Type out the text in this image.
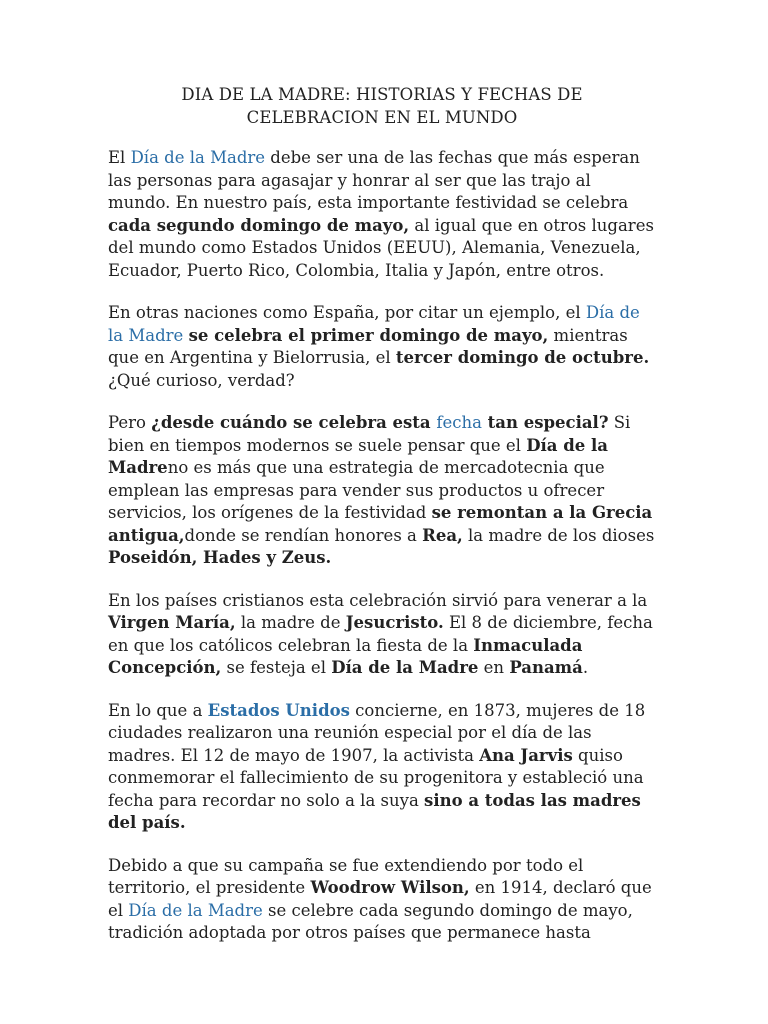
DIA DE LA MADRE: HISTORIAS Y FECHAS DE
CELEBRACION EN EL MUNDO

El Día de la Madre debe ser una de las fechas que más esperan las personas para agasajar y honrar al ser que las trajo al mundo. En nuestro país, esta importante festividad se celebra cada segundo domingo de mayo, al igual que en otros lugares del mundo como Estados Unidos (EEUU), Alemania, Venezuela, Ecuador, Puerto Rico, Colombia, Italia y Japón, entre otros.

En otras naciones como España, por citar un ejemplo, el Día de la Madre se celebra el primer domingo de mayo, mientras que en Argentina y Bielorrusia, el tercer domingo de octubre. ¿Qué curioso, verdad?

Pero ¿desde cuándo se celebra esta fecha tan especial? Si bien en tiempos modernos se suele pensar que el Día de la Madreno es más que una estrategia de mercadotecnia que emplean las empresas para vender sus productos u ofrecer servicios, los orígenes de la festividad se remontan a la Grecia antigua,donde se rendían honores a Rea, la madre de los dioses Poseidón, Hades y Zeus.

En los países cristianos esta celebración sirvió para venerar a la Virgen María, la madre de Jesucristo. El 8 de diciembre, fecha en que los católicos celebran la fiesta de la Inmaculada Concepción, se festeja el Día de la Madre en Panamá.

En lo que a Estados Unidos concierne, en 1873, mujeres de 18 ciudades realizaron una reunión especial por el día de las madres. El 12 de mayo de 1907, la activista Ana Jarvis quiso conmemorar el fallecimiento de su progenitora y estableció una fecha para recordar no solo a la suya sino a todas las madres del país.

Debido a que su campaña se fue extendiendo por todo el territorio, el presidente Woodrow Wilson, en 1914, declaró que el Día de la Madre se celebre cada segundo domingo de mayo, tradición adoptada por otros países que permanece hasta
